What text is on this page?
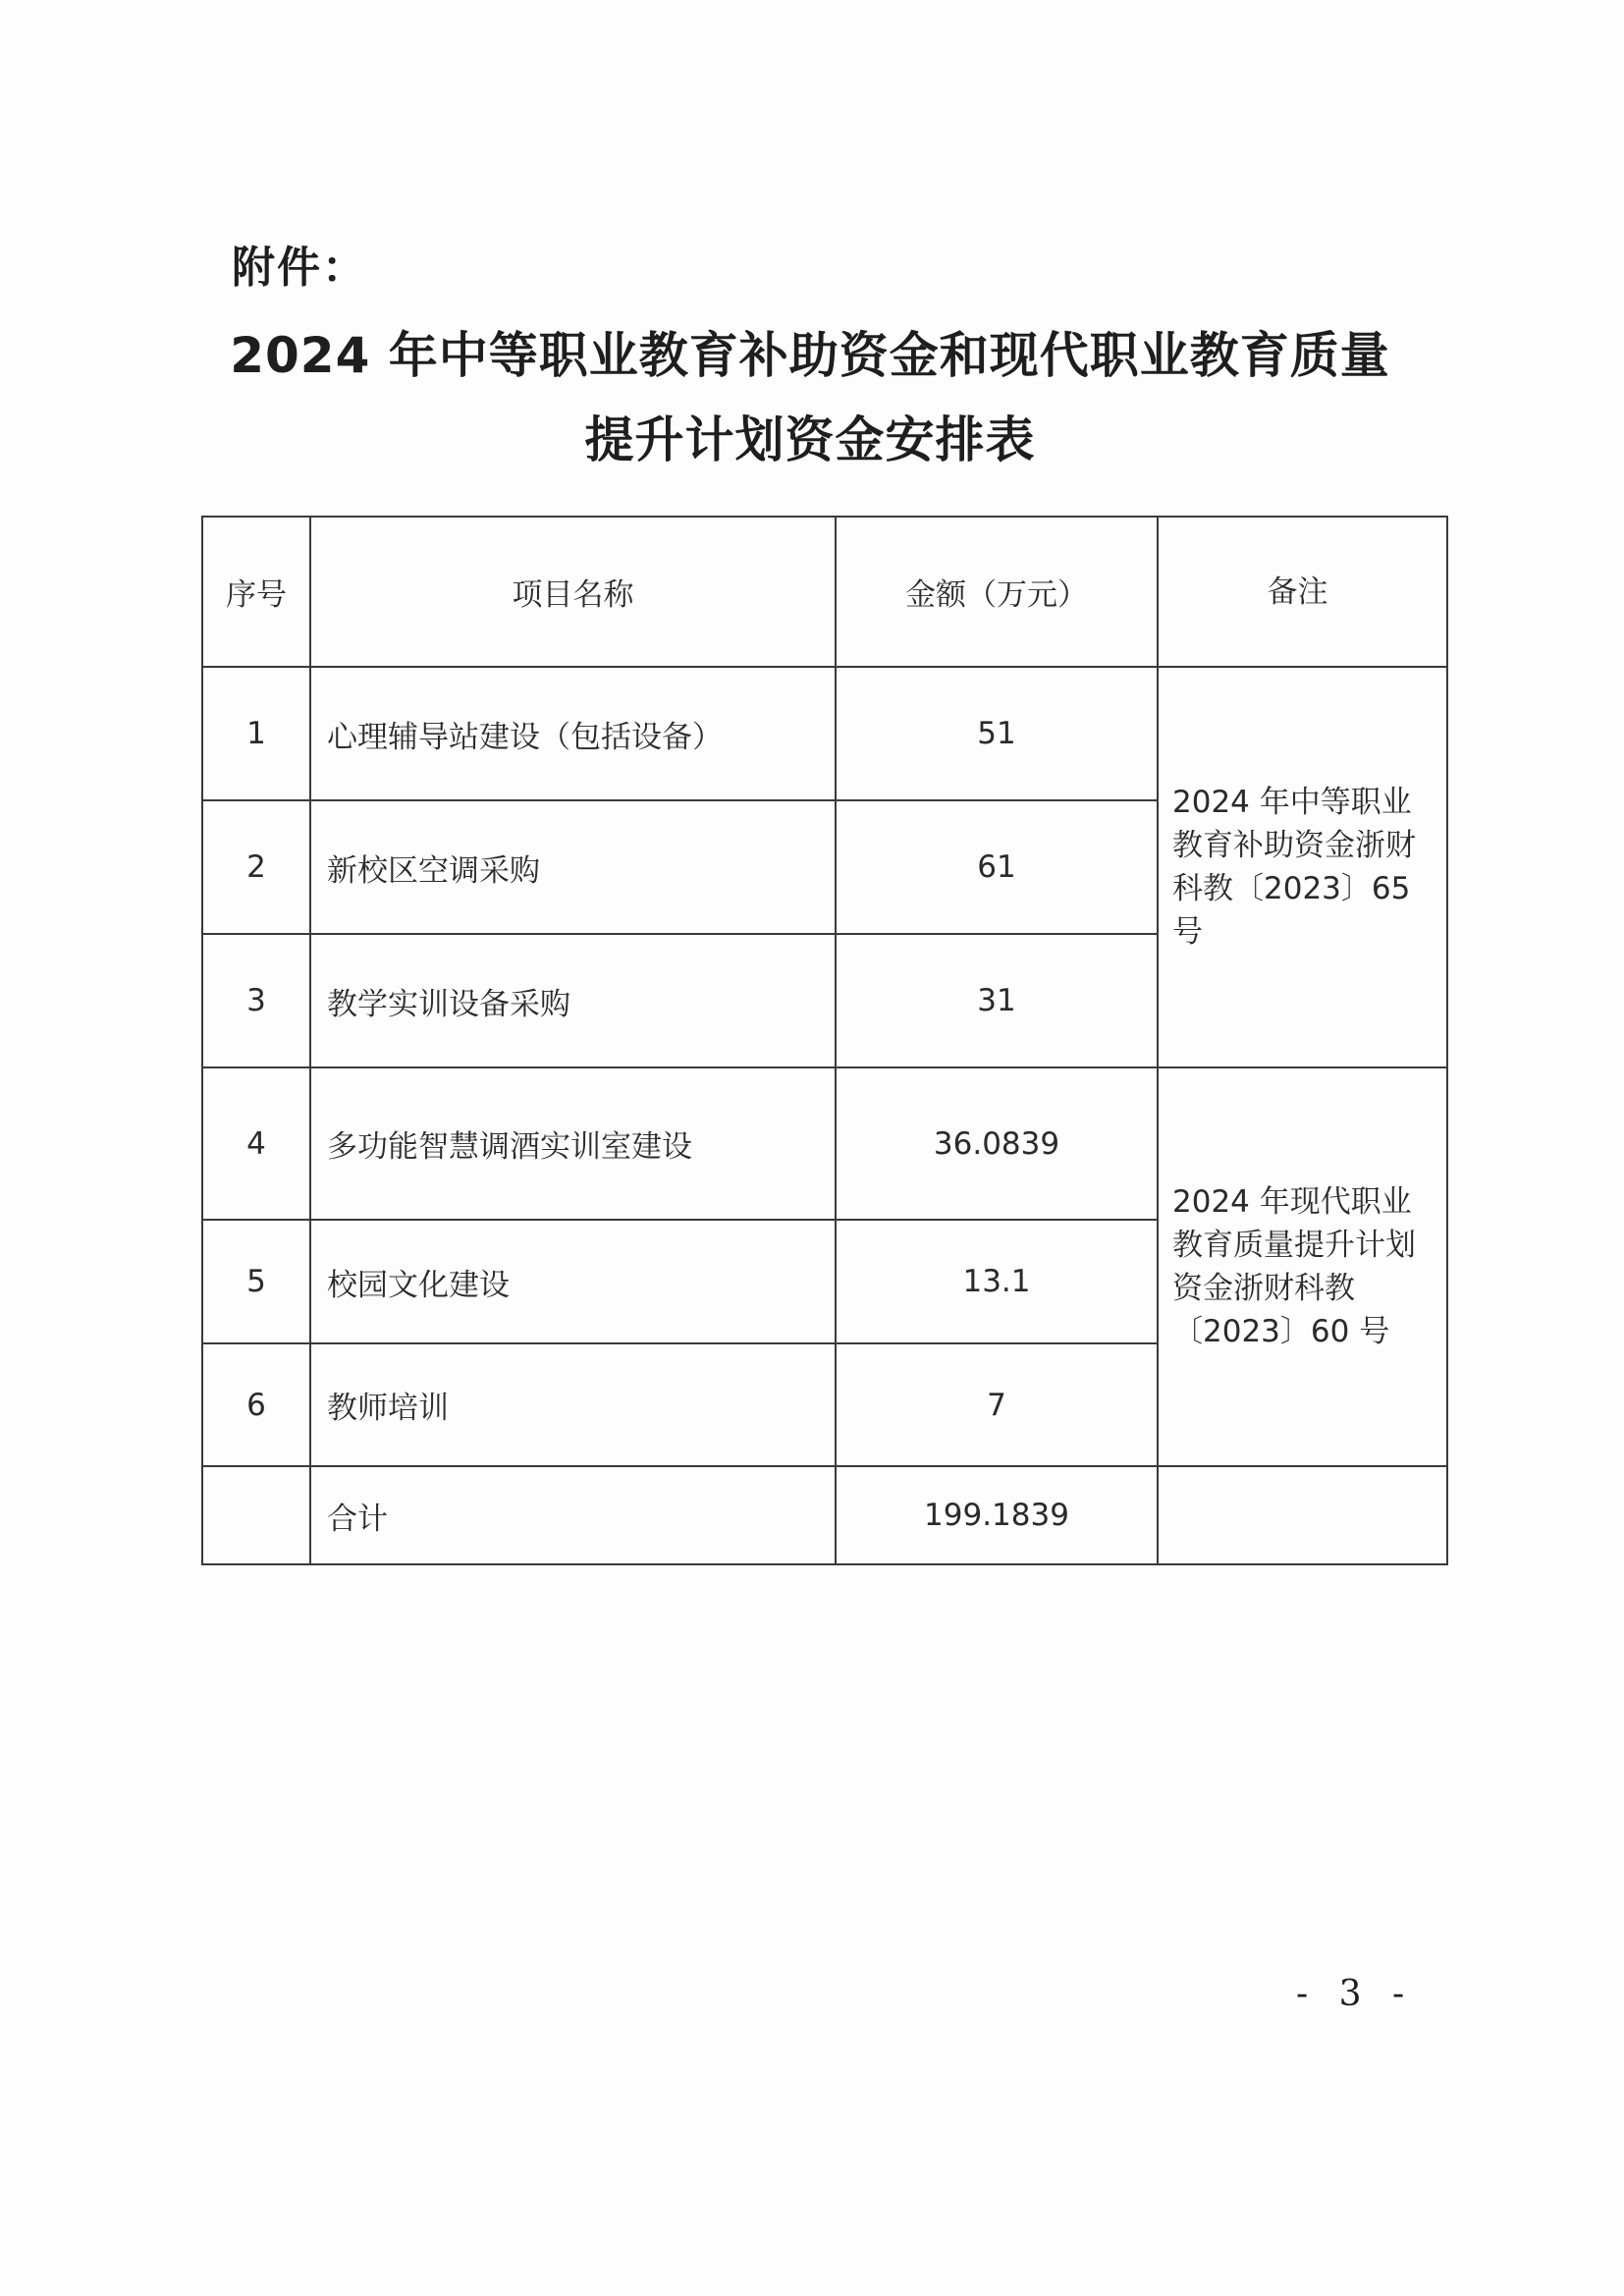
附件：
2024 年中等职业教育补助资金和现代职业教育质量
提升计划资金安排表
序号	项目名称	金额（万元）	备注
1	心理辅导站建设（包括设备）	51	2024 年中等职业教育补助资金浙财科教〔2023〕65 号
2	新校区空调采购	61	
3	教学实训设备采购	31	
4	多功能智慧调酒实训室建设	36.0839	2024 年现代职业教育质量提升计划资金浙财科教〔2023〕60 号
5	校园文化建设	13.1	
6	教师培训	7	
	合计	199.1839	
- 3 -
